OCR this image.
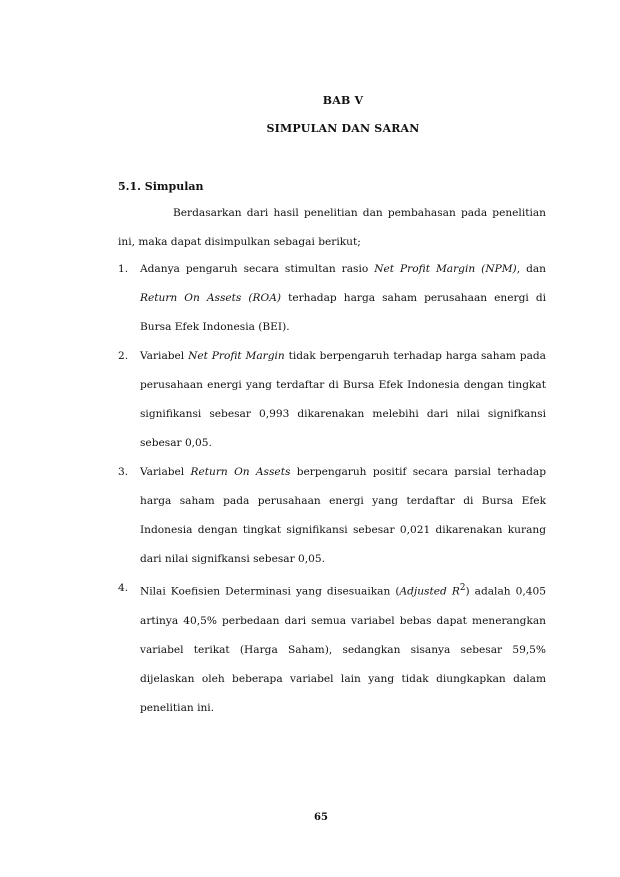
BAB V
SIMPULAN DAN SARAN
5.1. Simpulan
Berdasarkan dari hasil penelitian dan pembahasan pada penelitian ini, maka dapat disimpulkan sebagai berikut;
1. Adanya pengaruh secara stimultan rasio Net Profit Margin (NPM), dan Return On Assets (ROA) terhadap harga saham perusahaan energi di Bursa Efek Indonesia (BEI).
2. Variabel Net Profit Margin tidak berpengaruh terhadap harga saham pada perusahaan energi yang terdaftar di Bursa Efek Indonesia dengan tingkat signifikansi sebesar 0,993 dikarenakan melebihi dari nilai signifkansi sebesar 0,05.
3. Variabel Return On Assets berpengaruh positif secara parsial terhadap harga saham pada perusahaan energi yang terdaftar di Bursa Efek Indonesia dengan tingkat signifikansi sebesar 0,021 dikarenakan kurang dari nilai signifkansi sebesar 0,05.
4. Nilai Koefisien Determinasi yang disesuaikan (Adjusted $R^2$) adalah 0,405 artinya 40,5% perbedaan dari semua variabel bebas dapat menerangkan variabel terikat (Harga Saham), sedangkan sisanya sebesar 59,5% dijelaskan oleh beberapa variabel lain yang tidak diungkapkan dalam penelitian ini.
65
